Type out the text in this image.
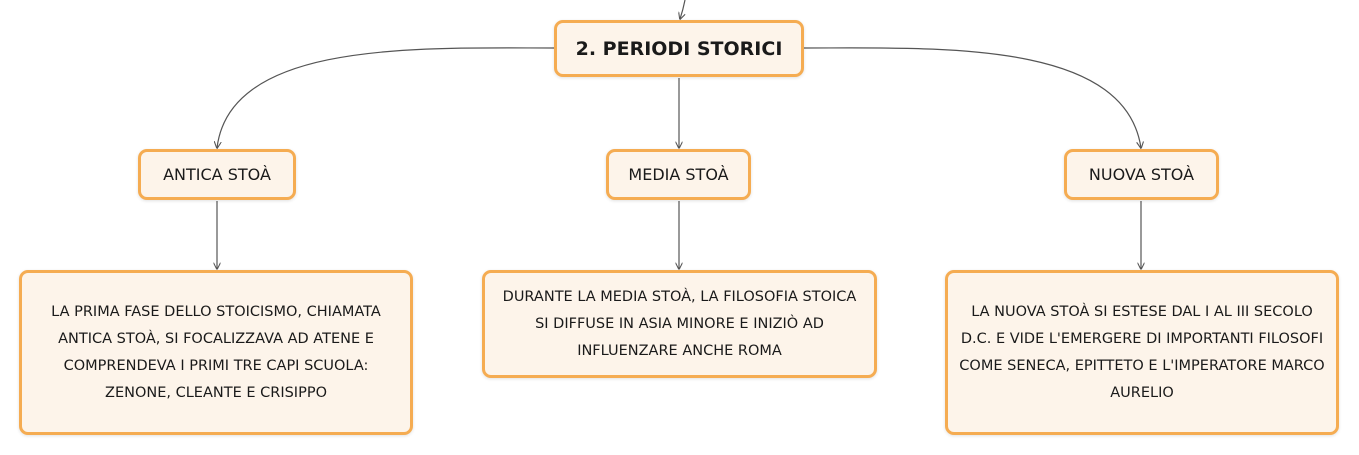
2. PERIODI STORICI
ANTICA STOÀ	MEDIA STOÀ	NUOVA STOÀ
LA PRIMA FASE DELLO STOICISMO, CHIAMATA ANTICA STOÀ, SI FOCALIZZAVA AD ATENE E COMPRENDEVA I PRIMI TRE CAPI SCUOLA: ZENONE, CLEANTE E CRISIPPO
DURANTE LA MEDIA STOÀ, LA FILOSOFIA STOICA SI DIFFUSE IN ASIA MINORE E INIZIÒ AD INFLUENZARE ANCHE ROMA
LA NUOVA STOÀ SI ESTESE DAL I AL III SECOLO D.C. E VIDE L'EMERGERE DI IMPORTANTI FILOSOFI COME SENECA, EPITTETO E L'IMPERATORE MARCO AURELIO
